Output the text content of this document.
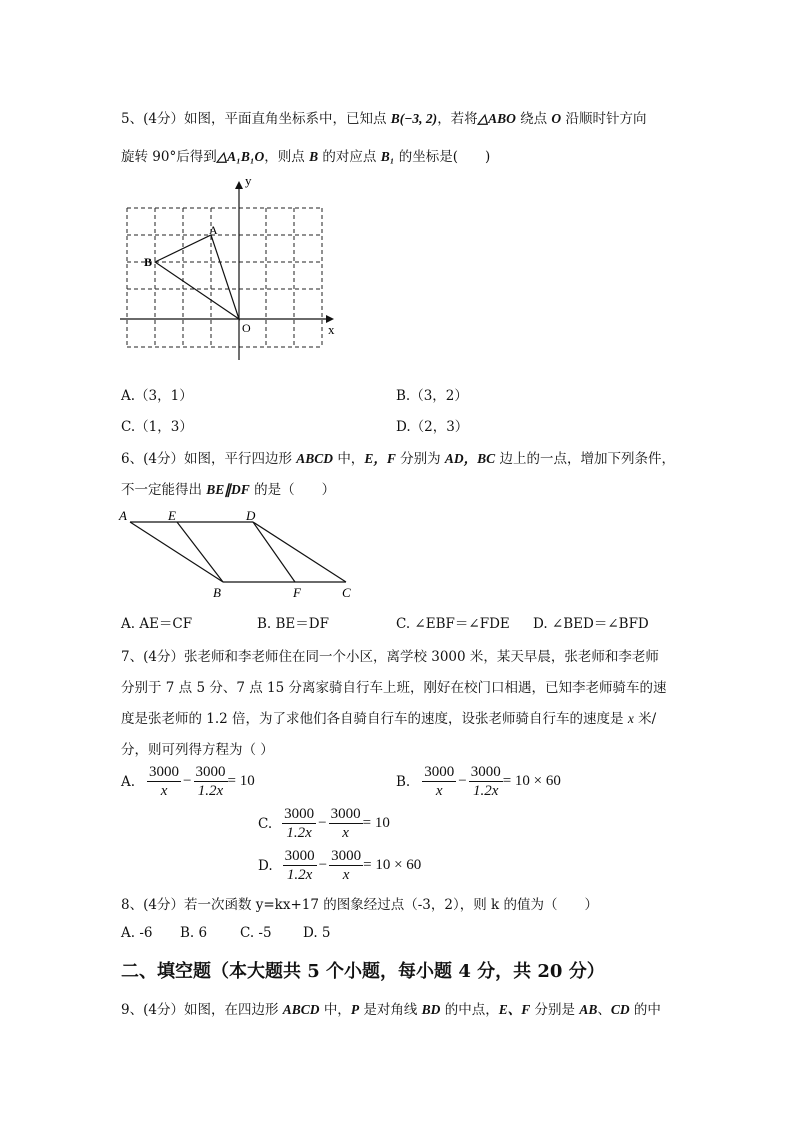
5、(4分）如图，平面直角坐标系中，已知点 B(−3, 2)，若将△ABO 绕点 O 沿顺时针方向
旋转 90°后得到△A₁B₁O，则点 B 的对应点 B₁ 的坐标是(　　)
y
x
O
A
B
A.（3，1）	B.（3，2）
C.（1，3）	D.（2，3）
6、(4分）如图，平行四边形 ABCD 中，E，F 分别为 AD，BC 边上的一点，增加下列条件，
不一定能得出 BE∥DF 的是（　　）
A	E	D
B	F	C
A. AE＝CF	B. BE＝DF	C. ∠EBF＝∠FDE D. ∠BED＝∠BFD
7、(4分）张老师和李老师住在同一个小区，离学校 3000 米，某天早晨，张老师和李老师
分别于 7 点 5 分、7 点 15 分离家骑自行车上班，刚好在校门口相遇，已知李老师骑车的速
度是张老师的 1.2 倍，为了求他们各自骑自行车的速度，设张老师骑自行车的速度是 x 米/
分，则可列得方程为（ ）
A. $\frac{3000}{x} - \frac{3000}{1.2x} = 10$	B. $\frac{3000}{x} - \frac{3000}{1.2x} = 10 \times 60$
C. $\frac{3000}{1.2x} - \frac{3000}{x} = 10$
D. $\frac{3000}{1.2x} - \frac{3000}{x} = 10 \times 60$
8、(4分）若一次函数 y=kx+17 的图象经过点（-3，2），则 k 的值为（　　）
A. -6 B. 6 C. -5 D. 5
二、填空题（本大题共 5 个小题，每小题 4 分，共 20 分）
9、(4分）如图，在四边形 ABCD 中，P 是对角线 BD 的中点，E、F 分别是 AB、CD 的中
